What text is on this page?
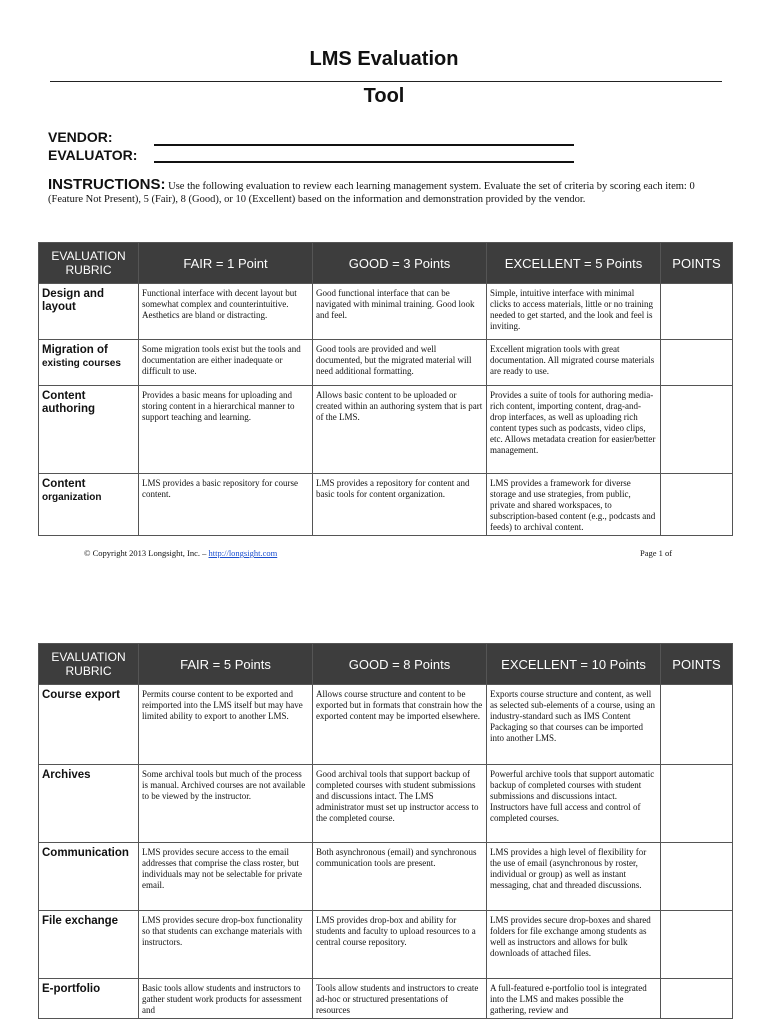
LMS Evaluation
Tool
VENDOR:
EVALUATOR:
INSTRUCTIONS: Use the following evaluation to review each learning management system. Evaluate the set of criteria by scoring each item: 0 (Feature Not Present), 5 (Fair), 8 (Good), or 10 (Excellent) based on the information and demonstration provided by the vendor.
EVALUATION RUBRIC	FAIR = 1 Point	GOOD = 3 Points	EXCELLENT = 5 Points	POINTS
Design and layout	Functional interface with decent layout but somewhat complex and counterintuitive. Aesthetics are bland or distracting.	Good functional interface that can be navigated with minimal training. Good look and feel.	Simple, intuitive interface with minimal clicks to access materials, little or no training needed to get started, and the look and feel is inviting.	
Migration of
existing courses	Some migration tools exist but the tools and documentation are either inadequate or difficult to use.	Good tools are provided and well documented, but the migrated material will need additional formatting.	Excellent migration tools with great documentation. All migrated course materials are ready to use.	
Content authoring	Provides a basic means for uploading and storing content in a hierarchical manner to support teaching and learning.	Allows basic content to be uploaded or created within an authoring system that is part of the LMS.	Provides a suite of tools for authoring media-rich content, importing content, drag-and-drop interfaces, as well as uploading rich content types such as podcasts, video clips, etc. Allows metadata creation for easier/better management.	
Content
organization	LMS provides a basic repository for course content.	LMS provides a repository for content and basic tools for content organization.	LMS provides a framework for diverse storage and use strategies, from public, private and shared workspaces, to subscription-based content (e.g., podcasts and feeds) to archival content.	
© Copyright 2013 Longsight, Inc. – http://longsight.com	Page 1 of
EVALUATION RUBRIC	FAIR = 5 Points	GOOD = 8 Points	EXCELLENT = 10 Points	POINTS
Course export	Permits course content to be exported and reimported into the LMS itself but may have limited ability to export to another LMS.	Allows course structure and content to be exported but in formats that constrain how the exported content may be imported elsewhere.	Exports course structure and content, as well as selected sub-elements of a course, using an industry-standard such as IMS Content Packaging so that courses can be imported into another LMS.	
Archives	Some archival tools but much of the process is manual. Archived courses are not available to be viewed by the instructor.	Good archival tools that support backup of completed courses with student submissions and discussions intact. The LMS administrator must set up instructor access to the completed course.	Powerful archive tools that support automatic backup of completed courses with student submissions and discussions intact. Instructors have full access and control of completed courses.	
Communication	LMS provides secure access to the email addresses that comprise the class roster, but individuals may not be selectable for private email.	Both asynchronous (email) and synchronous communication tools are present.	LMS provides a high level of flexibility for the use of email (asynchronous by roster, individual or group) as well as instant messaging, chat and threaded discussions.	
File exchange	LMS provides secure drop-box functionality so that students can exchange materials with instructors.	LMS provides drop-box and ability for students and faculty to upload resources to a central course repository.	LMS provides secure drop-boxes and shared folders for file exchange among students as well as instructors and allows for bulk downloads of attached files.	
E-portfolio	Basic tools allow students and instructors to gather student work products for assessment and	Tools allow students and instructors to create ad-hoc or structured presentations of resources	A full-featured e-portfolio tool is integrated into the LMS and makes possible the gathering, review and	
